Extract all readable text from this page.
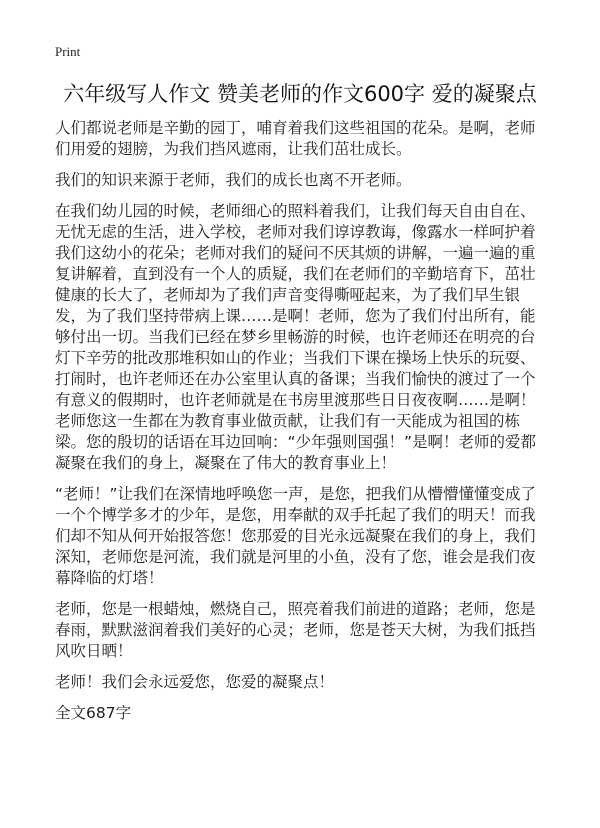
Print
六年级写人作文 赞美老师的作文600字 爱的凝聚点

人们都说老师是辛勤的园丁，哺育着我们这些祖国的花朵。是啊，老师们用爱的翅膀，为我们挡风遮雨，让我们茁壮成长。

我们的知识来源于老师，我们的成长也离不开老师。

在我们幼儿园的时候，老师细心的照料着我们，让我们每天自由自在、无忧无虑的生活，进入学校，老师对我们谆谆教诲，像露水一样呵护着我们这幼小的花朵；老师对我们的疑问不厌其烦的讲解，一遍一遍的重复讲解着，直到没有一个人的质疑，我们在老师们的辛勤培育下，茁壮健康的长大了，老师却为了我们声音变得嘶哑起来，为了我们早生银发，为了我们坚持带病上课……是啊！老师，您为了我们付出所有，能够付出一切。当我们已经在梦乡里畅游的时候，也许老师还在明亮的台灯下辛劳的批改那堆积如山的作业；当我们下课在操场上快乐的玩耍、打闹时，也许老师还在办公室里认真的备课；当我们愉快的渡过了一个有意义的假期时，也许老师就是在书房里渡那些日日夜夜啊……是啊！老师您这一生都在为教育事业做贡献，让我们有一天能成为祖国的栋梁。您的殷切的话语在耳边回响：“少年强则国强！”是啊！老师的爱都凝聚在我们的身上，凝聚在了伟大的教育事业上！

“老师！”让我们在深情地呼唤您一声，是您，把我们从懵懵懂懂变成了一个个博学多才的少年，是您，用奉献的双手托起了我们的明天！而我们却不知从何开始报答您！您那爱的目光永远凝聚在我们的身上，我们深知，老师您是河流，我们就是河里的小鱼，没有了您，谁会是我们夜幕降临的灯塔！

老师，您是一根蜡烛，燃烧自己，照亮着我们前进的道路；老师，您是春雨，默默滋润着我们美好的心灵；老师，您是苍天大树，为我们抵挡风吹日晒！

老师！我们会永远爱您，您爱的凝聚点！

全文687字
